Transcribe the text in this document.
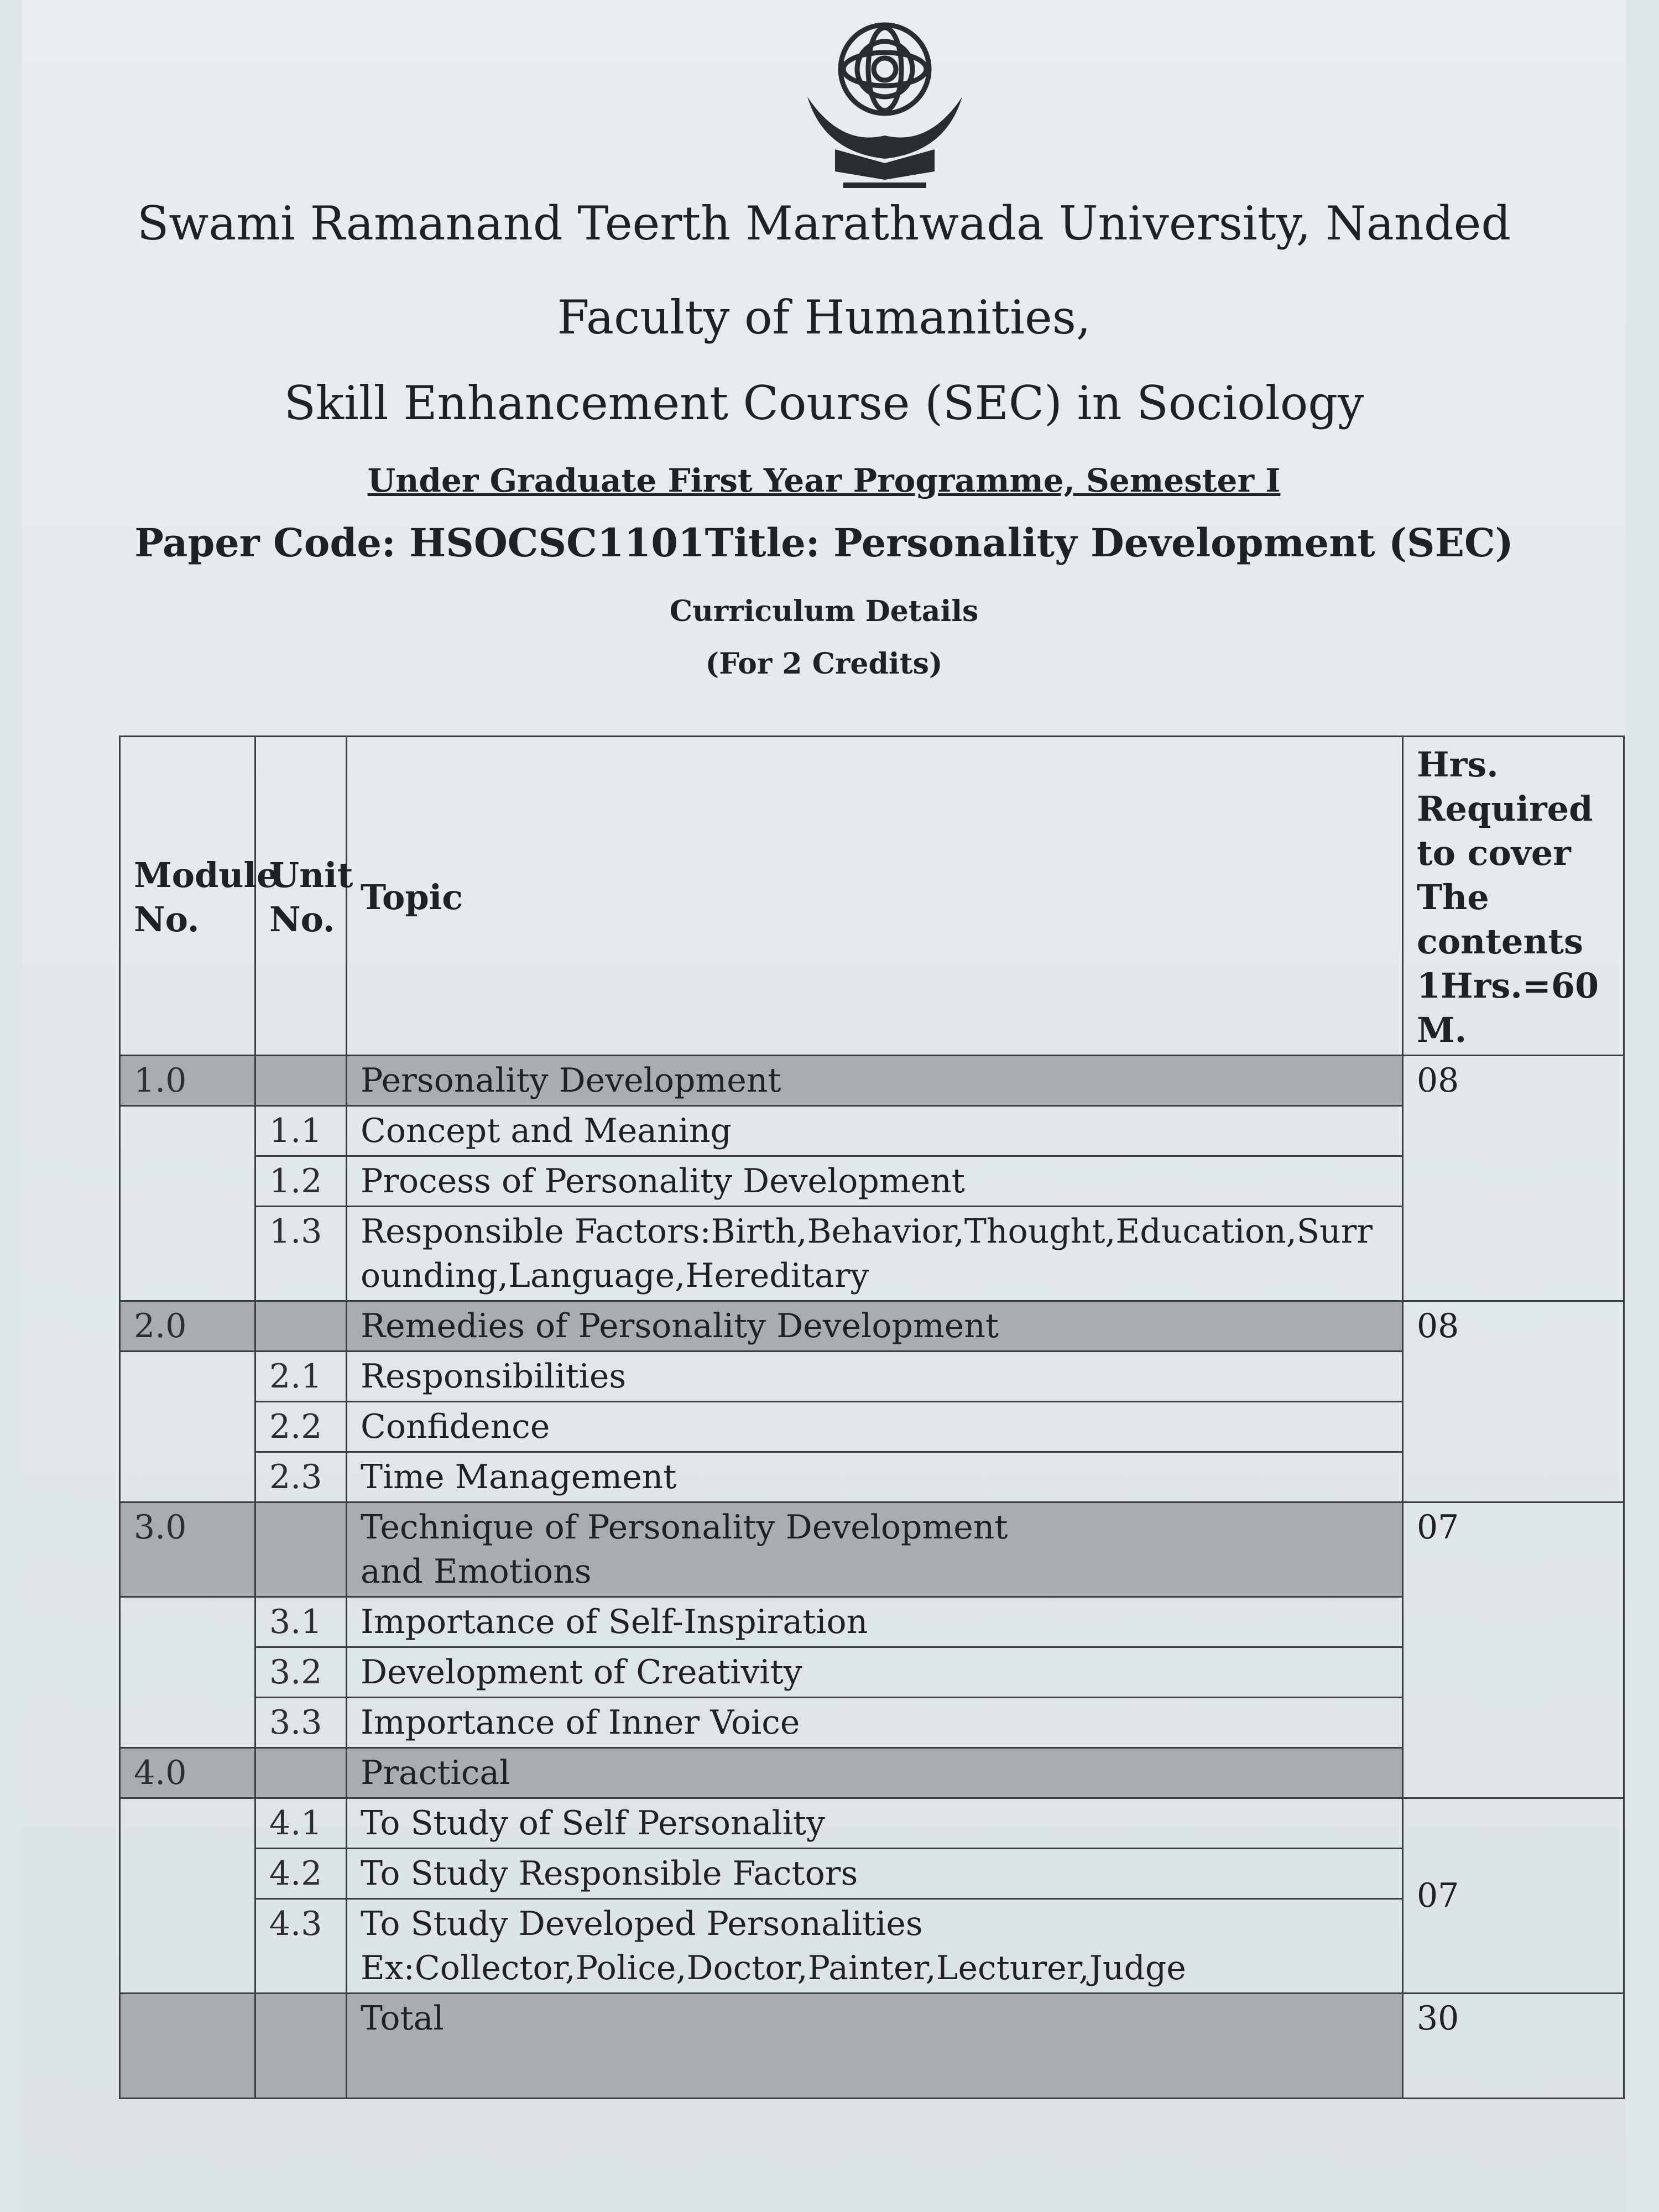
Swami Ramanand Teerth Marathwada University, Nanded
Faculty of Humanities,
Skill Enhancement Course (SEC) in Sociology
Under Graduate First Year Programme, Semester I
Paper Code: HSOCSC1101Title: Personality Development (SEC)
Curriculum Details
(For 2 Credits)
Module No.	Unit No.	Topic	Hrs. Required to cover The contents 1Hrs.=60 M.
1.0		Personality Development	08
	1.1	Concept and Meaning	
	1.2	Process of Personality Development	
	1.3	Responsible Factors:Birth,Behavior,Thought,Education,Surrounding,Language,Hereditary	
2.0		Remedies of Personality Development	08
	2.1	Responsibilities	
	2.2	Confidence	
	2.3	Time Management	
3.0		Technique of Personality Development and Emotions	07
	3.1	Importance of Self-Inspiration	
	3.2	Development of Creativity	
	3.3	Importance of Inner Voice	
4.0		Practical	
	4.1	To Study of Self Personality	07
	4.2	To Study Responsible Factors	
	4.3	To Study Developed Personalities Ex:Collector,Police,Doctor,Painter,Lecturer,Judge	
		Total	30
